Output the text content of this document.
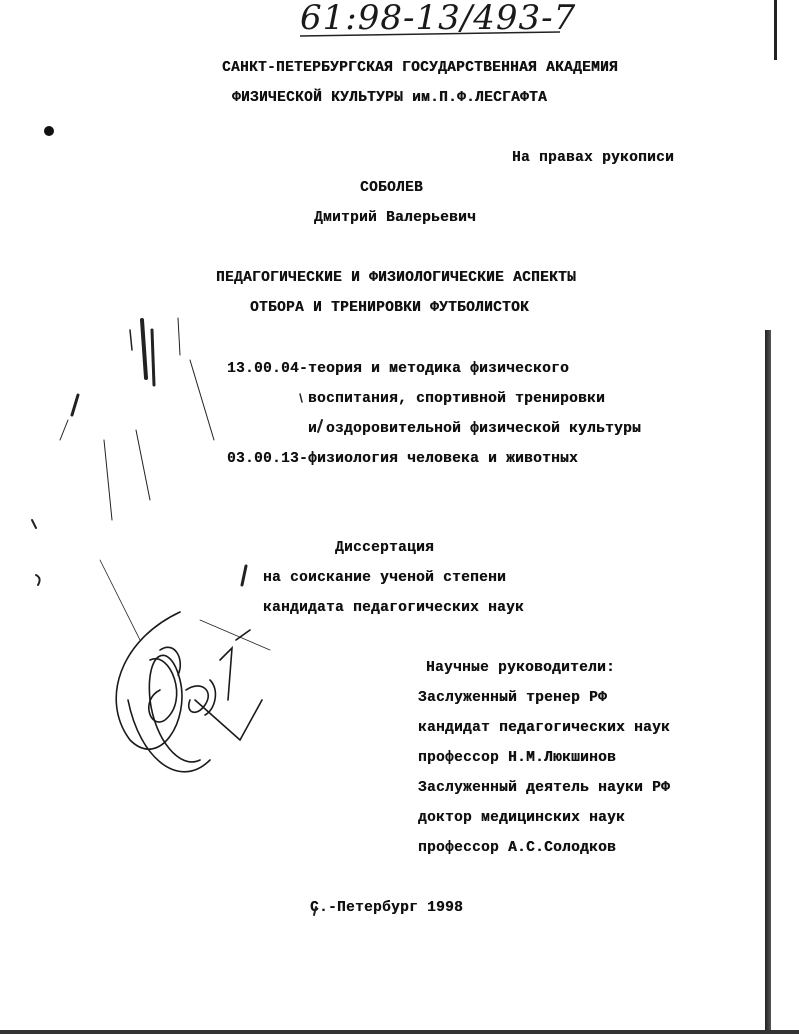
61:98-13/493-7
САНКТ-ПЕТЕРБУРГСКАЯ ГОСУДАРСТВЕННАЯ АКАДЕМИЯ
ФИЗИЧЕСКОЙ КУЛЬТУРЫ им.П.Ф.ЛЕСГАФТА
На правах рукописи
СОБОЛЕВ
Дмитрий Валерьевич
ПЕДАГОГИЧЕСКИЕ И ФИЗИОЛОГИЧЕСКИЕ АСПЕКТЫ
ОТБОРА И ТРЕНИРОВКИ ФУТБОЛИСТОК
13.00.04-теория и методика физического
воспитания, спортивной тренировки
и оздоровительной физической культуры
03.00.13-физиология человека и животных
Диссертация
на соискание ученой степени
кандидата педагогических наук
Научные руководители:
Заслуженный тренер РФ
кандидат педагогических наук
профессор Н.М.Люкшинов
Заслуженный деятель науки РФ
доктор медицинских наук
профессор А.С.Солодков
С.-Петербург 1998
